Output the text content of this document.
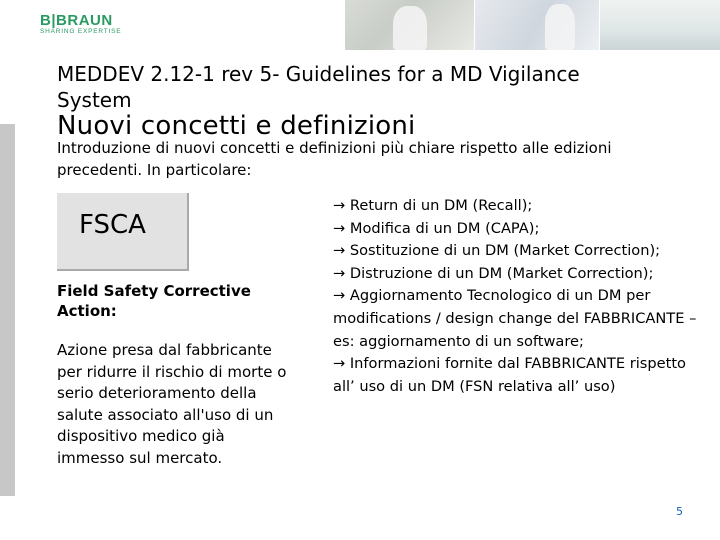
B|BRAUN
SHARING EXPERTISE
MEDDEV 2.12-1 rev 5- Guidelines for a MD Vigilance System
Nuovi concetti e definizioni
Introduzione di nuovi concetti e definizioni più chiare rispetto alle edizioni precedenti. In particolare:
FSCA
Field Safety Corrective Action:
Azione presa dal fabbricante per ridurre il rischio di morte o serio deterioramento della salute associato all'uso di un dispositivo medico già immesso sul mercato.
→ Return di un DM (Recall);
→ Modifica di un DM (CAPA);
→ Sostituzione di un DM (Market Correction);
→ Distruzione di un DM (Market Correction);
→ Aggiornamento Tecnologico di un DM per modifications / design change del FABBRICANTE – es: aggiornamento di un software;
→ Informazioni fornite dal FABBRICANTE rispetto all’ uso di un DM (FSN relativa all’ uso)
5
